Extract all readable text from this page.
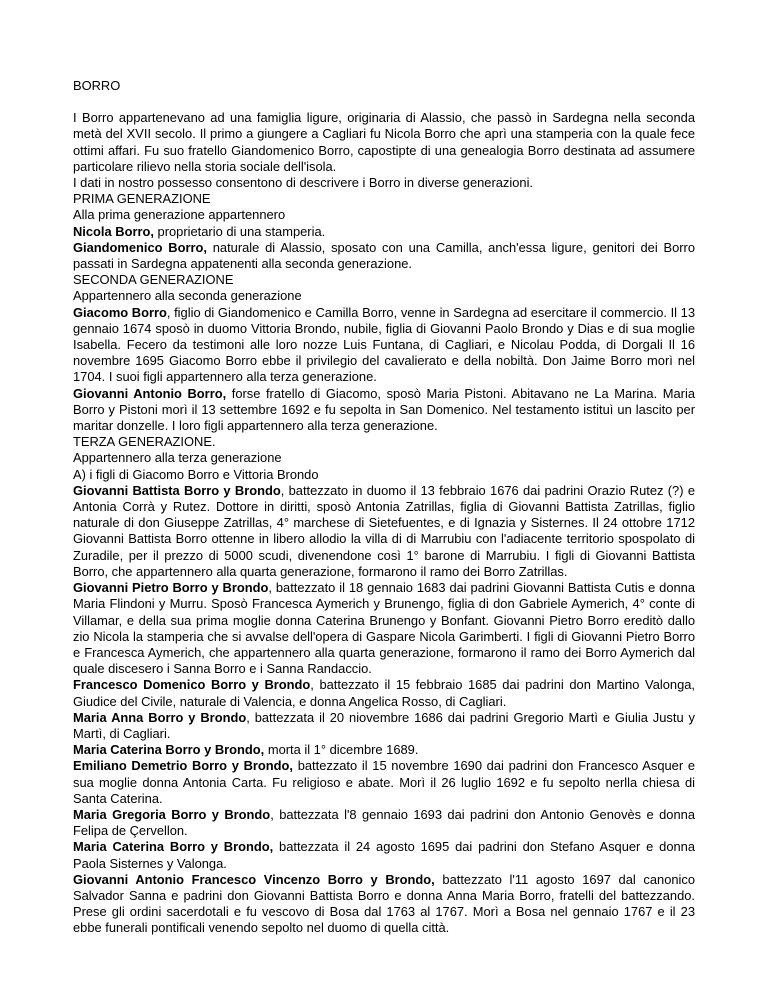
BORRO
I Borro appartenevano ad una famiglia ligure, originaria di Alassio, che passò in Sardegna nella seconda metà del XVII secolo. Il primo a giungere a Cagliari fu Nicola Borro che aprì una stamperia con la quale fece ottimi affari. Fu suo fratello Giandomenico Borro, capostipte di una genealogia Borro destinata ad assumere particolare rilievo nella storia sociale dell'isola.
I dati in nostro possesso consentono di descrivere i Borro in diverse generazioni.
PRIMA GENERAZIONE
Alla prima generazione appartennero
Nicola Borro, proprietario di una stamperia.
Giandomenico Borro, naturale di Alassio, sposato con una Camilla, anch'essa ligure, genitori dei Borro passati in Sardegna appatenenti alla seconda generazione.
SECONDA GENERAZIONE
Appartennero alla seconda generazione
Giacomo Borro, figlio di Giandomenico e Camilla Borro, venne in Sardegna ad esercitare il commercio. Il 13 gennaio 1674 sposò in duomo Vittoria Brondo, nubile, figlia di Giovanni Paolo Brondo y Dias e di sua moglie Isabella. Fecero da testimoni alle loro nozze Luis Funtana, di Cagliari, e Nicolau Podda, di Dorgali Il 16 novembre 1695 Giacomo Borro ebbe il privilegio del cavalierato e della nobiltà. Don Jaime Borro morì nel 1704. I suoi figli appartennero alla terza generazione.
Giovanni Antonio Borro, forse fratello di Giacomo, sposò Maria Pistoni. Abitavano ne La Marina. Maria Borro y Pistoni morì il 13 settembre 1692 e fu sepolta in San Domenico. Nel testamento istituì un lascito per maritar donzelle. I loro figli appartennero alla terza generazione.
TERZA GENERAZIONE.
Appartennero alla terza generazione
A) i figli di Giacomo Borro e Vittoria Brondo
Giovanni Battista Borro y Brondo, battezzato in duomo il 13 febbraio 1676 dai padrini Orazio Rutez (?) e Antonia Corrà y Rutez. Dottore in diritti, sposò Antonia Zatrillas, figlia di Giovanni Battista Zatrillas, figlio naturale di don Giuseppe Zatrillas, 4° marchese di Sietefuentes, e di Ignazia y Sisternes. Il 24 ottobre 1712 Giovanni Battista Borro ottenne in libero allodio la villa di di Marrubiu con l'adiacente territorio spospolato di Zuradile, per il prezzo di 5000 scudi, divenendone così 1° barone di Marrubiu. I figli di Giovanni Battista Borro, che appartennero alla quarta generazione, formarono il ramo dei Borro Zatrillas.
Giovanni Pietro Borro y Brondo, battezzato il 18 gennaio 1683 dai padrini Giovanni Battista Cutis e donna Maria Flindoni y Murru. Sposò Francesca Aymerich y Brunengo, figlia di don Gabriele Aymerich, 4° conte di Villamar, e della sua prima moglie donna Caterina Brunengo y Bonfant. Giovanni Pietro Borro ereditò dallo zio Nicola la stamperia che si avvalse dell'opera di Gaspare Nicola Garimberti. I figli di Giovanni Pietro Borro e Francesca Aymerich, che appartennero alla quarta generazione, formarono il ramo dei Borro Aymerich dal quale discesero i Sanna Borro e i Sanna Randaccio.
Francesco Domenico Borro y Brondo, battezzato il 15 febbraio 1685 dai padrini don Martino Valonga, Giudice del Civile, naturale di Valencia, e donna Angelica Rosso, di Cagliari.
Maria Anna Borro y Brondo, battezzata il 20 niovembre 1686 dai padrini Gregorio Martì e Giulia Justu y Martì, di Cagliari.
Maria Caterina Borro y Brondo, morta il 1° dicembre 1689.
Emiliano Demetrio Borro y Brondo, battezzato il 15 novembre 1690 dai padrini don Francesco Asquer e sua moglie donna Antonia Carta. Fu religioso e abate. Morì il 26 luglio 1692 e fu sepolto nerlla chiesa di Santa Caterina.
Maria Gregoria Borro y Brondo, battezzata l'8 gennaio 1693 dai padrini don Antonio Genovès e donna Felipa de Çervellon.
Maria Caterina Borro y Brondo, battezzata il 24 agosto 1695 dai padrini don Stefano Asquer e donna Paola Sisternes y Valonga.
Giovanni Antonio Francesco Vincenzo Borro y Brondo, battezzato l'11 agosto 1697 dal canonico Salvador Sanna e padrini don Giovanni Battista Borro e donna Anna Maria Borro, fratelli del battezzando. Prese gli ordini sacerdotali e fu vescovo di Bosa dal 1763 al 1767. Morì a Bosa nel gennaio 1767 e il 23 ebbe funerali pontificali venendo sepolto nel duomo di quella città.
